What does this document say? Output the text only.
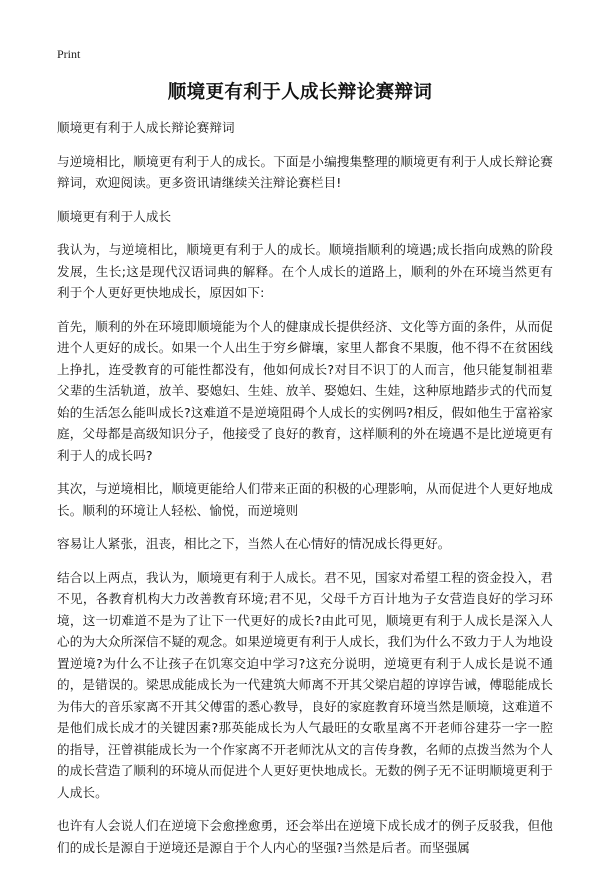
Print
顺境更有利于人成长辩论赛辩词

顺境更有利于人成长辩论赛辩词

与逆境相比，顺境更有利于人的成长。下面是小编搜集整理的顺境更有利于人成长辩论赛辩词，欢迎阅读。更多资讯请继续关注辩论赛栏目!

顺境更有利于人成长

我认为，与逆境相比，顺境更有利于人的成长。顺境指顺利的境遇;成长指向成熟的阶段发展，生长;这是现代汉语词典的解释。在个人成长的道路上，顺利的外在环境当然更有利于个人更好更快地成长，原因如下:

首先，顺利的外在环境即顺境能为个人的健康成长提供经济、文化等方面的条件，从而促进个人更好的成长。如果一个人出生于穷乡僻壤，家里人都食不果腹，他不得不在贫困线上挣扎，连受教育的可能性都没有，他如何成长?对目不识丁的人而言，他只能复制祖辈父辈的生活轨道，放羊、娶媳妇、生娃、放羊、娶媳妇、生娃，这种原地踏步式的代而复始的生活怎么能叫成长?这难道不是逆境阻碍个人成长的实例吗?相反，假如他生于富裕家庭，父母都是高级知识分子，他接受了良好的教育，这样顺利的外在境遇不是比逆境更有利于人的成长吗?

其次，与逆境相比，顺境更能给人们带来正面的积极的心理影响，从而促进个人更好地成长。顺利的环境让人轻松、愉悦，而逆境则

容易让人紧张，沮丧，相比之下，当然人在心情好的情况成长得更好。

结合以上两点，我认为，顺境更有利于人成长。君不见，国家对希望工程的资金投入，君不见，各教育机构大力改善教育环境;君不见，父母千方百计地为子女营造良好的学习环境，这一切难道不是为了让下一代更好的成长?由此可见，顺境更有利于人成长是深入人心的为大众所深信不疑的观念。如果逆境更有利于人成长，我们为什么不致力于人为地设置逆境?为什么不让孩子在饥寒交迫中学习?这充分说明，逆境更有利于人成长是说不通的，是错误的。梁思成能成长为一代建筑大师离不开其父梁启超的谆谆告诫，傅聪能成长为伟大的音乐家离不开其父傅雷的悉心教导，良好的家庭教育环境当然是顺境，这难道不是他们成长成才的关键因素?那英能成长为人气最旺的女歌星离不开老师谷建芬一字一腔的指导，汪曾祺能成长为一个作家离不开老师沈从文的言传身教，名师的点拨当然为个人的成长营造了顺利的环境从而促进个人更好更快地成长。无数的例子无不证明顺境更利于人成长。

也许有人会说人们在逆境下会愈挫愈勇，还会举出在逆境下成长成才的例子反驳我，但他们的成长是源自于逆境还是源自于个人内心的坚强?当然是后者。而坚强属
